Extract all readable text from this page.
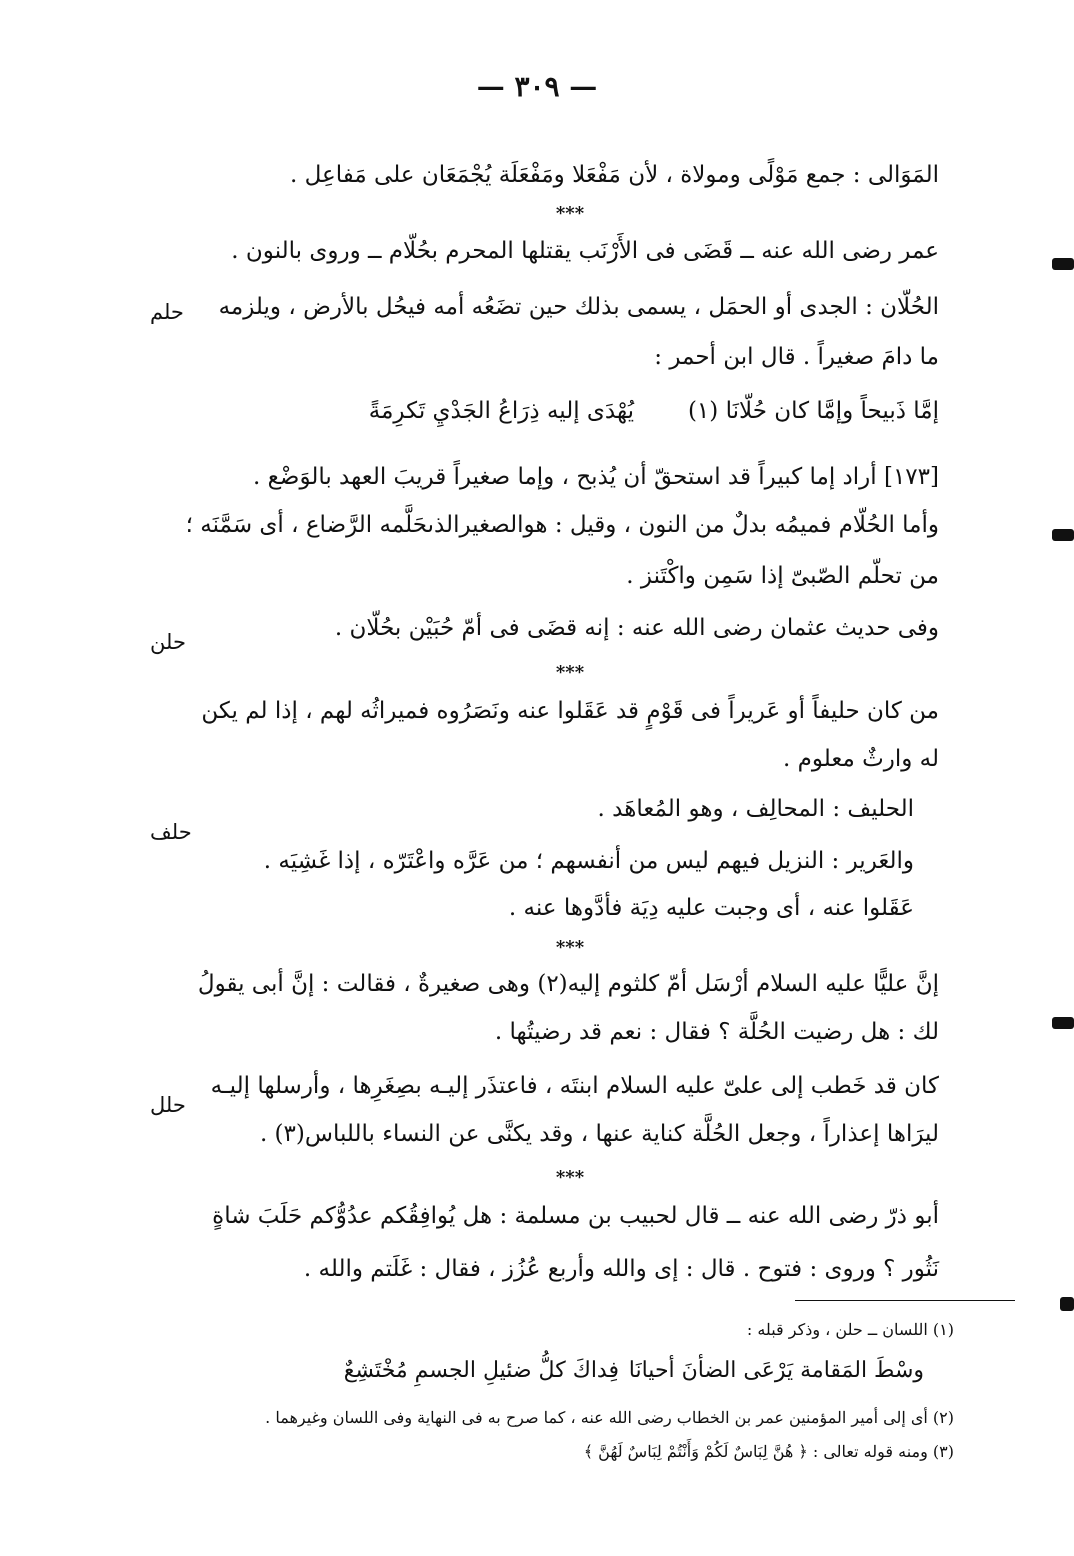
— ٣٠٩ —
المَوَالى : جمع مَوْلًى ومولاة ، لأن مَفْعَلا ومَفْعَلَة يُجْمَعَان على مَفاعِل .
***
عمر رضى الله عنه ــ قَضَى فى الأَرْنَب يقتلها المحرم بحُلّام ــ وروى بالنون .
الحُلّان : الجدى أو الحمَل ، يسمى بذلك حين تضَعُه أمه فيحُل بالأرض ، ويلزمه
ما دامَ صغيراً . قال ابن أحمر :
يُهْدَى إليه ذِرَاعُ الجَدْيِ تَكرِمَةً إمَّا ذَبيحاً وإمَّا كان حُلّانَا (١)
[١٧٣] أراد إما كبيراً قد استحقّ أن يُذبح ، وإما صغيراً قريبَ العهد بالوَضْع .
وأما الحُلّام فميمُه بدلٌ من النون ، وقيل : هوالصغيرالذىحَلَّمه الرَّضاع ، أى سَمَّنَه ؛
من تحلّم الصّبىّ إذا سَمِن واكْتَنز .
وفى حديث عثمان رضى الله عنه : إنه قضَى فى أمّ حُبَيْن بحُلّان .
***
من كان حليفاً أو عَريراً فى قَوْمٍ قد عَقَلوا عنه ونَصَرُوه فميراثُه لهم ، إذا لم يكن
له وارثٌ معلوم .
الحليف : المحالِف ، وهو المُعاهَد .
والعَرير : النزيل فيهم ليس من أنفسهم ؛ من عَرَّه واعْتَرّه ، إذا غَشِيَه .
عَقَلوا عنه ، أى وجبت عليه دِيَة فأدَّوها عنه .
***
إنَّ عليًّا عليه السلام أرْسَل أمّ كلثوم إليه(٢) وهى صغيرةٌ ، فقالت : إنَّ أبى يقولُ
لك : هل رضيت الحُلَّة ؟ فقال : نعم قد رضيتُها .
كان قد خَطب إلى علىّ عليه السلام ابنتَه ، فاعتذَر إليـه بصِغَرِها ، وأرسلها إليـه
ليرَاها إعذاراً ، وجعل الحُلَّة كناية عنها ، وقد يكنَّى عن النساء باللباس(٣) .
***
أبو ذرّ رضى الله عنه ــ قال لحبيب بن مسلمة : هل يُوافِقُكم عدُوُّكم حَلَبَ شاةٍ
نَثُور ؟ وروى : فتوح . قال : إى والله وأربع عُزُز ، فقال : غَلَتم والله .
حلم
حلن
حلف
حلل
(١) اللسان ــ حلن ، وذكر قبله :
فِداكَ كلُّ ضئيلِ الجسمِ مُخْتَشِعٌ وسْطَ المَقامة يَرْعَى الضأنَ أحيانَا
(٢) أى إلى أمير المؤمنين عمر بن الخطاب رضى الله عنه ، كما صرح به فى النهاية وفى اللسان وغيرهما .
(٣) ومنه قوله تعالى : ﴿ هُنَّ لِبَاسٌ لَكُمْ وَأَنْتُمْ لِبَاسٌ لَهُنَّ ﴾
